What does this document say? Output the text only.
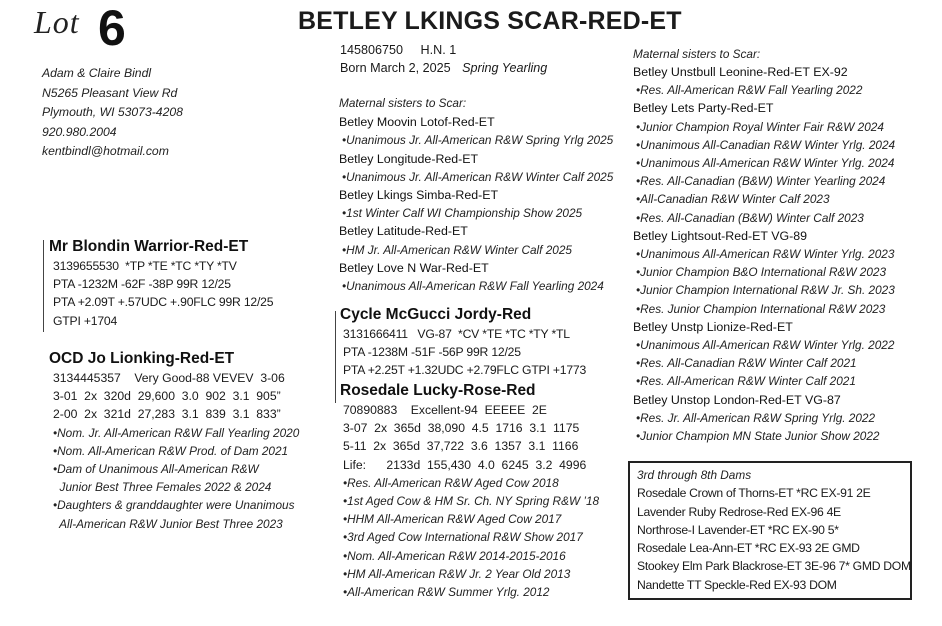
Lot 6	BETLEY LKINGS SCAR-RED-ET
Adam & Claire Bindl
N5265 Pleasant View Rd
Plymouth, WI 53073-4208
920.980.2004
kentbindl@hotmail.com
145806750     H.N. 1
Born March 2, 2025 Spring Yearling
Maternal sisters to Scar:
Betley Moovin Lotof-Red-ET
•Unanimous Jr. All-American R&W Spring Yrlg 2025
Betley Longitude-Red-ET
•Unanimous Jr. All-American R&W Winter Calf 2025
Betley Lkings Simba-Red-ET
•1st Winter Calf WI Championship Show 2025
Betley Latitude-Red-ET
•HM Jr. All-American R&W Winter Calf 2025
Betley Love N War-Red-ET
•Unanimous All-American R&W Fall Yearling 2024
Mr Blondin Warrior-Red-ET
3139655530  *TP *TE *TC *TY *TV
PTA -1232M -62F -38P 99R 12/25
PTA +2.09T +.57UDC +.90FLC 99R 12/25
GTPI +1704
OCD Jo Lionking-Red-ET
3134445357    Very Good-88 VEVEV  3-06
3-01  2x  320d  29,600  3.0  902  3.1  905”
2-00  2x  321d  27,283  3.1  839  3.1  833”
•Nom. Jr. All-American R&W Fall Yearling 2020
•Nom. All-American R&W Prod. of Dam 2021
•Dam of Unanimous All-American R&W
Junior Best Three Females 2022 & 2024
•Daughters & granddaughter were Unanimous
All-American R&W Junior Best Three 2023
Cycle McGucci Jordy-Red
3131666411   VG-87  *CV *TE *TC *TY *TL
PTA -1238M -51F -56P 99R 12/25
PTA +2.25T +1.32UDC +2.79FLC GTPI +1773
Rosedale Lucky-Rose-Red
70890883    Excellent-94  EEEEE  2E
3-07  2x  365d  38,090  4.5  1716  3.1  1175
5-11  2x  365d  37,722  3.6  1357  3.1  1166
Life:      2133d  155,430  4.0  6245  3.2  4996
•Res. All-American R&W Aged Cow 2018
•1st Aged Cow & HM Sr. Ch. NY Spring R&W ’18
•HHM All-American R&W Aged Cow 2017
•3rd Aged Cow International R&W Show 2017
•Nom. All-American R&W 2014-2015-2016
•HM All-American R&W Jr. 2 Year Old 2013
•All-American R&W Summer Yrlg. 2012
Maternal sisters to Scar:
Betley Unstbull Leonine-Red-ET EX-92
•Res. All-American R&W Fall Yearling 2022
Betley Lets Party-Red-ET
•Junior Champion Royal Winter Fair R&W 2024
•Unanimous All-Canadian R&W Winter Yrlg. 2024
•Unanimous All-American R&W Winter Yrlg. 2024
•Res. All-Canadian (B&W) Winter Yearling 2024
•All-Canadian R&W Winter Calf 2023
•Res. All-Canadian (B&W) Winter Calf 2023
Betley Lightsout-Red-ET VG-89
•Unanimous All-American R&W Winter Yrlg. 2023
•Junior Champion B&O International R&W 2023
•Junior Champion International R&W Jr. Sh. 2023
•Res. Junior Champion International R&W 2023
Betley Unstp Lionize-Red-ET
•Unanimous All-American R&W Winter Yrlg. 2022
•Res. All-Canadian R&W Winter Calf 2021
•Res. All-American R&W Winter Calf 2021
Betley Unstop London-Red-ET VG-87
•Res. Jr. All-American R&W Spring Yrlg. 2022
•Junior Champion MN State Junior Show 2022
3rd through 8th Dams
Rosedale Crown of Thorns-ET *RC EX-91 2E
Lavender Ruby Redrose-Red EX-96 4E
Northrose-I Lavender-ET *RC EX-90 5*
Rosedale Lea-Ann-ET *RC EX-93 2E GMD
Stookey Elm Park Blackrose-ET 3E-96 7* GMD DOM
Nandette TT Speckle-Red EX-93 DOM
